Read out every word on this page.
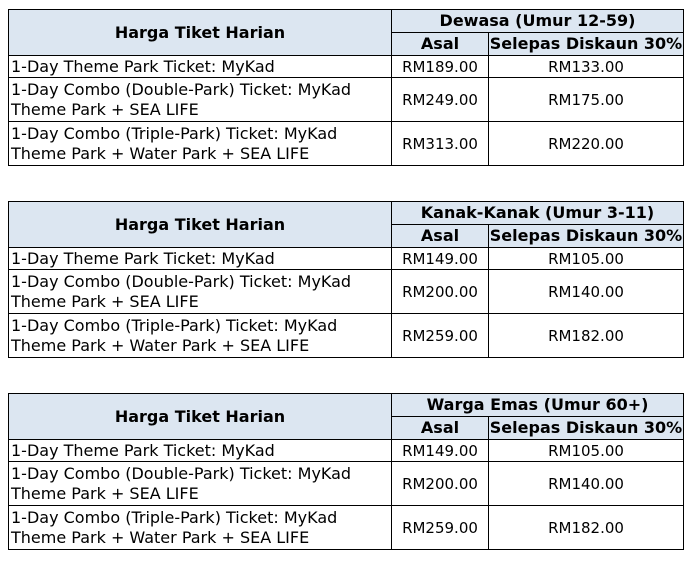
Harga Tiket Harian	Dewasa (Umur 12-59)	
	Asal	Selepas Diskaun 30%

1-Day Theme Park Ticket: MyKad	RM189.00	RM133.00

1-Day Combo (Double-Park) Ticket: MyKad
Theme Park + SEA LIFE	RM249.00	RM175.00

1-Day Combo (Triple-Park) Ticket: MyKad
Theme Park + Water Park + SEA LIFE	RM313.00	RM220.00
Harga Tiket Harian	Kanak-Kanak (Umur 3-11)	
	Asal	Selepas Diskaun 30%

1-Day Theme Park Ticket: MyKad	RM149.00	RM105.00

1-Day Combo (Double-Park) Ticket: MyKad
Theme Park + SEA LIFE	RM200.00	RM140.00

1-Day Combo (Triple-Park) Ticket: MyKad
Theme Park + Water Park + SEA LIFE	RM259.00	RM182.00
Harga Tiket Harian	Warga Emas (Umur 60+)	
	Asal	Selepas Diskaun 30%

1-Day Theme Park Ticket: MyKad	RM149.00	RM105.00

1-Day Combo (Double-Park) Ticket: MyKad
Theme Park + SEA LIFE	RM200.00	RM140.00

1-Day Combo (Triple-Park) Ticket: MyKad
Theme Park + Water Park + SEA LIFE	RM259.00	RM182.00
